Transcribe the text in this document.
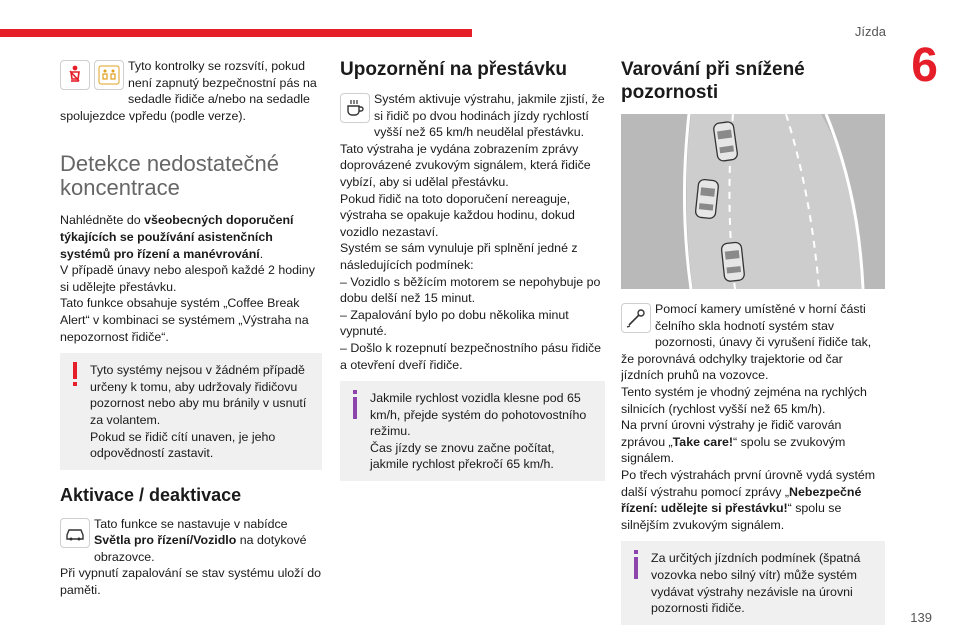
Jízda
6
139

Tyto kontrolky se rozsvítí, pokud není zapnutý bezpečnostní pás na sedadle řidiče a/nebo na sedadle spolujezdce vpředu (podle verze).

Detekce nedostatečné koncentrace

Nahlédněte do všeobecných doporučení týkajících se používání asistenčních systémů pro řízení a manévrování.

V případě únavy nebo alespoň každé 2 hodiny si udělejte přestávku.

Tato funkce obsahuje systém „Coffee Break Alert“ v kombinaci se systémem „Výstraha na nepozornost řidiče“.

Tyto systémy nejsou v žádném případě určeny k tomu, aby udržovaly řidičovu pozornost nebo aby mu bránily v usnutí za volantem.

Pokud se řidič cítí unaven, je jeho odpovědností zastavit.

Aktivace / deaktivace

Tato funkce se nastavuje v nabídce Světla pro řízení/Vozidlo na dotykové obrazovce.

Při vypnutí zapalování se stav systému uloží do paměti.

Upozornění na přestávku

Systém aktivuje výstrahu, jakmile zjistí, že si řidič po dvou hodinách jízdy rychlostí vyšší než 65 km/h neudělal přestávku.

Tato výstraha je vydána zobrazením zprávy doprovázené zvukovým signálem, která řidiče vybízí, aby si udělal přestávku.

Pokud řidič na toto doporučení nereaguje, výstraha se opakuje každou hodinu, dokud vozidlo nezastaví.

Systém se sám vynuluje při splnění jedné z následujících podmínek:

– Vozidlo s běžícím motorem se nepohybuje po dobu delší než 15 minut.

– Zapalování bylo po dobu několika minut vypnuté.

– Došlo k rozepnutí bezpečnostního pásu řidiče a otevření dveří řidiče.

Jakmile rychlost vozidla klesne pod 65 km/h, přejde systém do pohotovostního režimu.

Čas jízdy se znovu začne počítat, jakmile rychlost překročí 65 km/h.

Varování při snížené pozornosti

Pomocí kamery umístěné v horní části čelního skla hodnotí systém stav pozornosti, únavy či vyrušení řidiče tak, že porovnává odchylky trajektorie od čar jízdních pruhů na vozovce.

Tento systém je vhodný zejména na rychlých silnicích (rychlost vyšší než 65 km/h).

Na první úrovni výstrahy je řidič varován zprávou „Take care!“ spolu se zvukovým signálem.

Po třech výstrahách první úrovně vydá systém další výstrahu pomocí zprávy „Nebezpečné řízení: udělejte si přestávku!“ spolu se silnějším zvukovým signálem.

Za určitých jízdních podmínek (špatná vozovka nebo silný vítr) může systém vydávat výstrahy nezávisle na úrovni pozornosti řidiče.
